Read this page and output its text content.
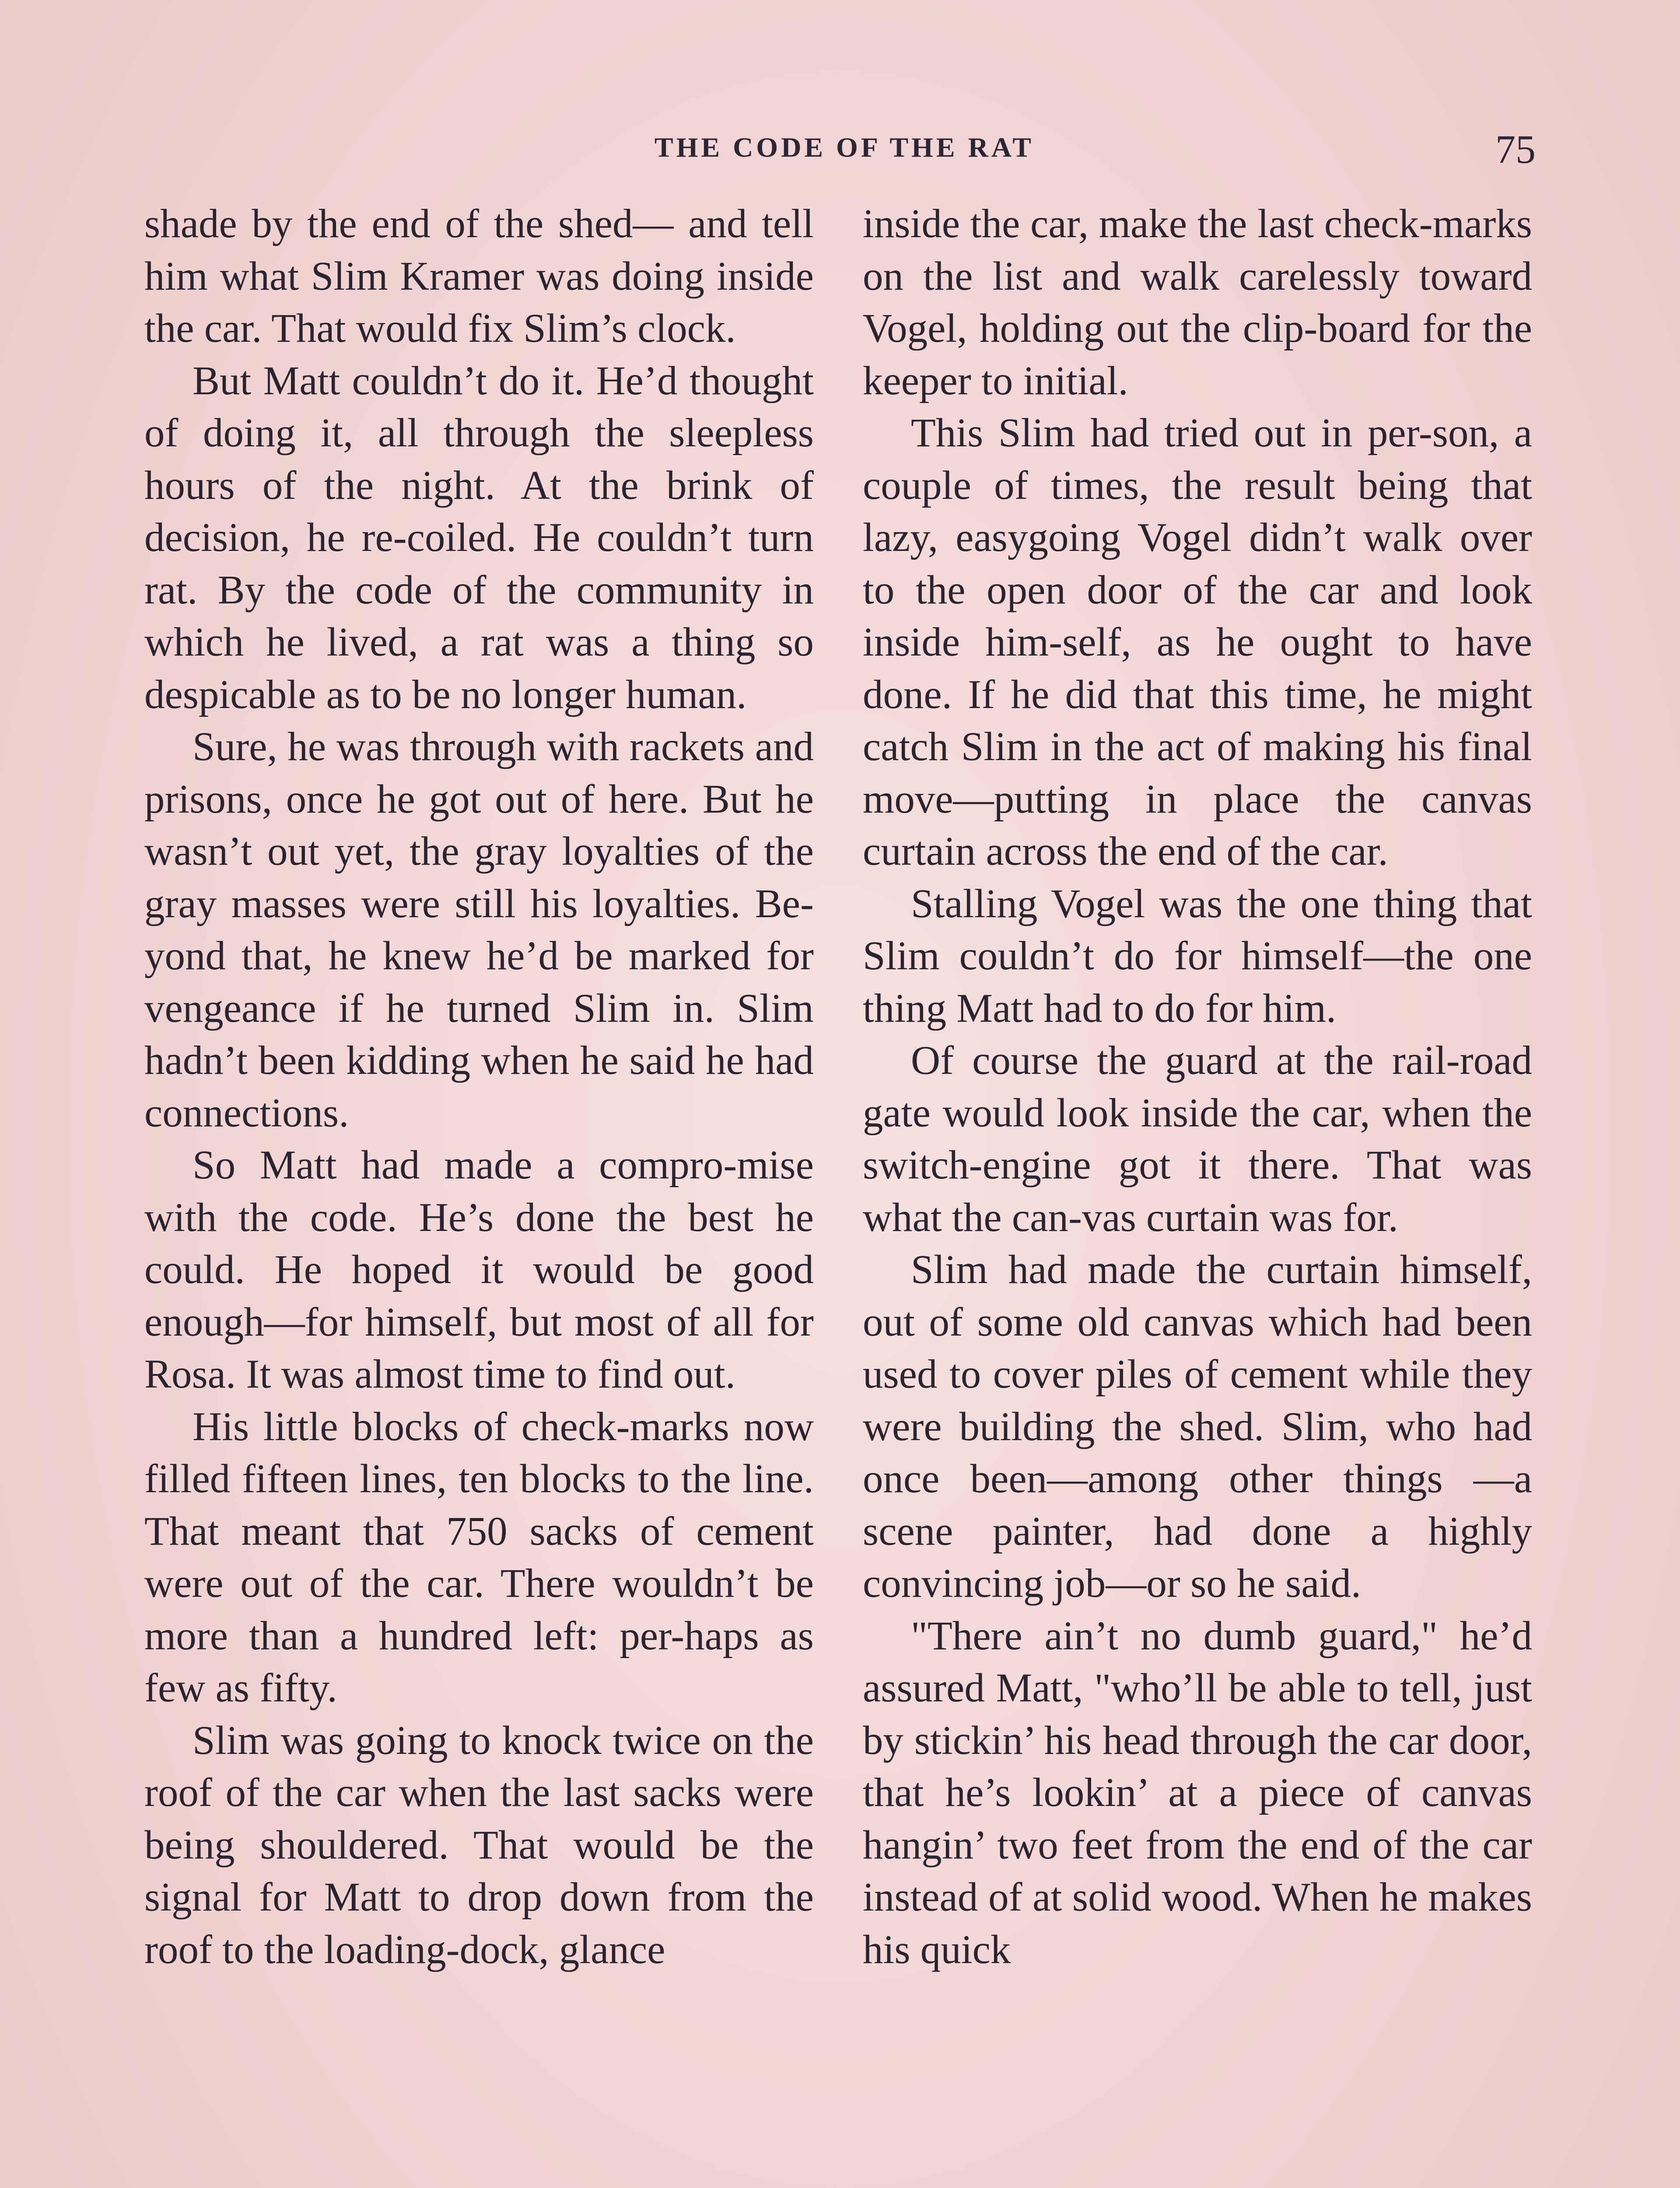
THE CODE OF THE RAT	75

shade by the end of the shed— and tell him what Slim Kramer was doing inside the car. That would fix Slim’s clock.

But Matt couldn’t do it. He’d thought of doing it, all through the sleepless hours of the night. At the brink of decision, he re-coiled. He couldn’t turn rat. By the code of the community in which he lived, a rat was a thing so despicable as to be no longer human.

Sure, he was through with rackets and prisons, once he got out of here. But he wasn’t out yet, the gray loyalties of the gray masses were still his loyalties. Be-yond that, he knew he’d be marked for vengeance if he turned Slim in. Slim hadn’t been kidding when he said he had connections.

So Matt had made a compro-mise with the code. He’s done the best he could. He hoped it would be good enough—for himself, but most of all for Rosa. It was almost time to find out.

His little blocks of check-marks now filled fifteen lines, ten blocks to the line. That meant that 750 sacks of cement were out of the car. There wouldn’t be more than a hundred left: per-haps as few as fifty.

Slim was going to knock twice on the roof of the car when the last sacks were being shouldered. That would be the signal for Matt to drop down from the roof to the loading-dock, glance

inside the car, make the last check-marks on the list and walk carelessly toward Vogel, holding out the clip-board for the keeper to initial.

This Slim had tried out in per-son, a couple of times, the result being that lazy, easygoing Vogel didn’t walk over to the open door of the car and look inside him-self, as he ought to have done. If he did that this time, he might catch Slim in the act of making his final move—putting in place the canvas curtain across the end of the car.

Stalling Vogel was the one thing that Slim couldn’t do for himself—the one thing Matt had to do for him.

Of course the guard at the rail-road gate would look inside the car, when the switch-engine got it there. That was what the can-vas curtain was for.

Slim had made the curtain himself, out of some old canvas which had been used to cover piles of cement while they were building the shed. Slim, who had once been—among other things —a scene painter, had done a highly convincing job—or so he said.

"There ain’t no dumb guard," he’d assured Matt, "who’ll be able to tell, just by stickin’ his head through the car door, that he’s lookin’ at a piece of canvas hangin’ two feet from the end of the car instead of at solid wood. When he makes his quick
